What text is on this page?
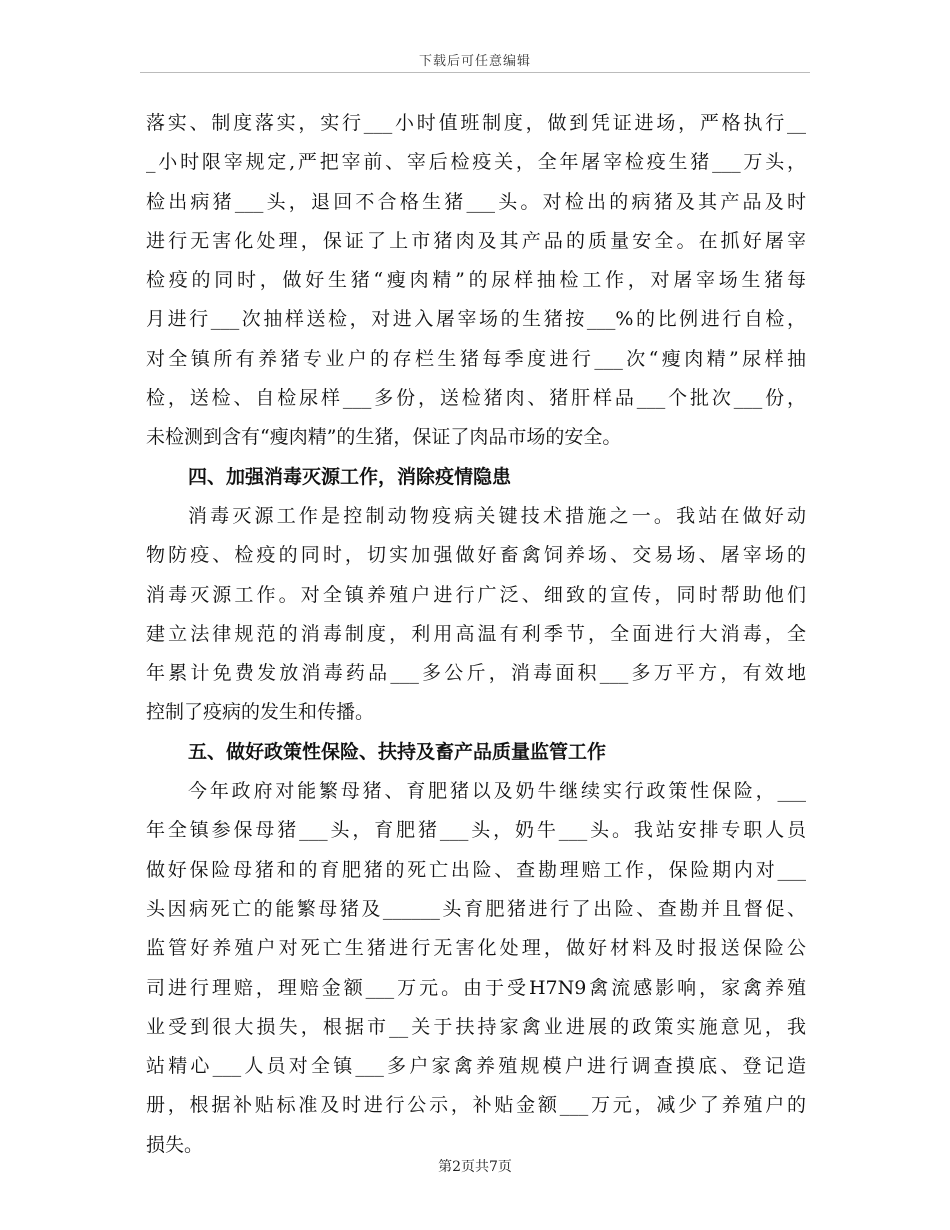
下载后可任意编辑
落实、制度落实，实行___小时值班制度，做到凭证进场，严格执行__
_小时限宰规定,严把宰前、宰后检疫关，全年屠宰检疫生猪___万头，
检出病猪___头，退回不合格生猪___头。对检出的病猪及其产品及时
进行无害化处理，保证了上市猪肉及其产品的质量安全。在抓好屠宰
检疫的同时，做好生猪“瘦肉精”的尿样抽检工作，对屠宰场生猪每
月进行___次抽样送检，对进入屠宰场的生猪按___%的比例进行自检，
对全镇所有养猪专业户的存栏生猪每季度进行___次“瘦肉精”尿样抽
检，送检、自检尿样___多份，送检猪肉、猪肝样品___个批次___份，
未检测到含有“瘦肉精”的生猪，保证了肉品市场的安全。
四、加强消毒灭源工作，消除疫情隐患
消毒灭源工作是控制动物疫病关键技术措施之一。我站在做好动
物防疫、检疫的同时，切实加强做好畜禽饲养场、交易场、屠宰场的
消毒灭源工作。对全镇养殖户进行广泛、细致的宣传，同时帮助他们
建立法律规范的消毒制度，利用高温有利季节，全面进行大消毒，全
年累计免费发放消毒药品___多公斤，消毒面积___多万平方，有效地
控制了疫病的发生和传播。
五、做好政策性保险、扶持及畜产品质量监管工作
今年政府对能繁母猪、育肥猪以及奶牛继续实行政策性保险，___
年全镇参保母猪___头，育肥猪___头，奶牛___头。我站安排专职人员
做好保险母猪和的育肥猪的死亡出险、查勘理赔工作，保险期内对___
头因病死亡的能繁母猪及______头育肥猪进行了出险、查勘并且督促、
监管好养殖户对死亡生猪进行无害化处理，做好材料及时报送保险公
司进行理赔，理赔金额___万元。由于受H7N9禽流感影响，家禽养殖
业受到很大损失，根据市__关于扶持家禽业进展的政策实施意见，我
站精心___人员对全镇___多户家禽养殖规模户进行调查摸底、登记造
册，根据补贴标准及时进行公示，补贴金额___万元，减少了养殖户的
损失。
第2页共7页
